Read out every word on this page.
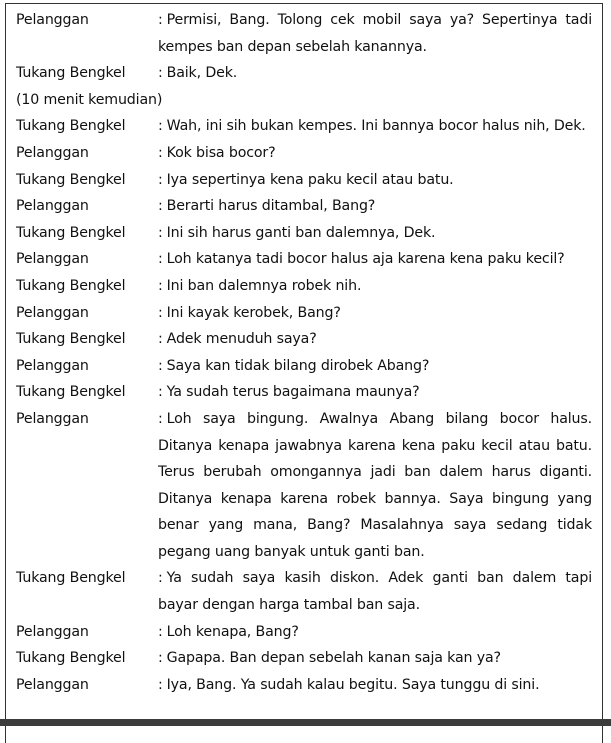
Pelanggan	: Permisi, Bang. Tolong cek mobil saya ya? Sepertinya tadi kempes ban depan sebelah kanannya.
Tukang Bengkel	: Baik, Dek.
(10 menit kemudian)
Tukang Bengkel	: Wah, ini sih bukan kempes. Ini bannya bocor halus nih, Dek.
Pelanggan	: Kok bisa bocor?
Tukang Bengkel	: Iya sepertinya kena paku kecil atau batu.
Pelanggan	: Berarti harus ditambal, Bang?
Tukang Bengkel	: Ini sih harus ganti ban dalemnya, Dek.
Pelanggan	: Loh katanya tadi bocor halus aja karena kena paku kecil?
Tukang Bengkel	: Ini ban dalemnya robek nih.
Pelanggan	: Ini kayak kerobek, Bang?
Tukang Bengkel	: Adek menuduh saya?
Pelanggan	: Saya kan tidak bilang dirobek Abang?
Tukang Bengkel	: Ya sudah terus bagaimana maunya?
Pelanggan	: Loh saya bingung. Awalnya Abang bilang bocor halus. Ditanya kenapa jawabnya karena kena paku kecil atau batu. Terus berubah omongannya jadi ban dalem harus diganti. Ditanya kenapa karena robek bannya. Saya bingung yang benar yang mana, Bang? Masalahnya saya sedang tidak pegang uang banyak untuk ganti ban.
Tukang Bengkel	: Ya sudah saya kasih diskon. Adek ganti ban dalem tapi bayar dengan harga tambal ban saja.
Pelanggan	: Loh kenapa, Bang?
Tukang Bengkel	: Gapapa. Ban depan sebelah kanan saja kan ya?
Pelanggan	: Iya, Bang. Ya sudah kalau begitu. Saya tunggu di sini.
